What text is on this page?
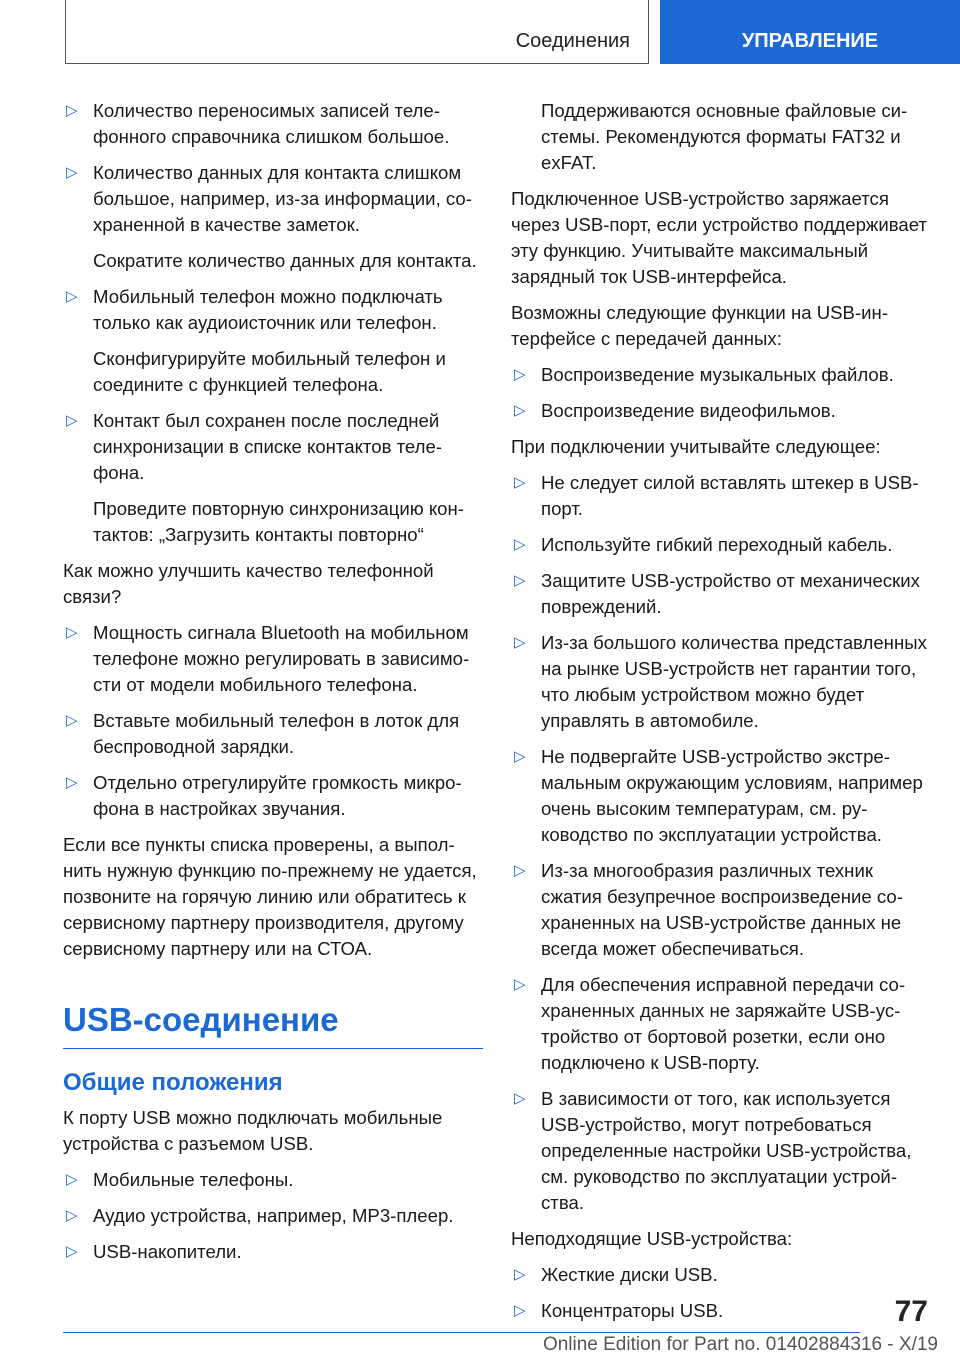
Соединения	УПРАВЛЕНИЕ
▷ Количество переносимых записей телефонного справочника слишком большое.
▷ Количество данных для контакта слишком большое, например, из-за информации, сохраненной в качестве заметок.
Сократите количество данных для контакта.
▷ Мобильный телефон можно подключать только как аудиоисточник или телефон.
Сконфигурируйте мобильный телефон и соедините с функцией телефона.
▷ Контакт был сохранен после последней синхронизации в списке контактов телефона.
Проведите повторную синхронизацию контактов: „Загрузить контакты повторно“
Как можно улучшить качество телефонной связи?
▷ Мощность сигнала Bluetooth на мобильном телефоне можно регулировать в зависимости от модели мобильного телефона.
▷ Вставьте мобильный телефон в лоток для беспроводной зарядки.
▷ Отдельно отрегулируйте громкость микрофона в настройках звучания.
Если все пункты списка проверены, а выполнить нужную функцию по-прежнему не удается, позвоните на горячую линию или обратитесь к сервисному партнеру производителя, другому сервисному партнеру или на СТОА.
USB-соединение
Общие положения
К порту USB можно подключать мобильные устройства с разъемом USB.
▷ Мобильные телефоны.
▷ Аудио устройства, например, MP3-плеер.
▷ USB-накопители.
Поддерживаются основные файловые системы. Рекомендуются форматы FAT32 и exFAT.
Подключенное USB-устройство заряжается через USB-порт, если устройство поддерживает эту функцию. Учитывайте максимальный зарядный ток USB-интерфейса.
Возможны следующие функции на USB-интерфейсе с передачей данных:
▷ Воспроизведение музыкальных файлов.
▷ Воспроизведение видеофильмов.
При подключении учитывайте следующее:
▷ Не следует силой вставлять штекер в USB-порт.
▷ Используйте гибкий переходный кабель.
▷ Защитите USB-устройство от механических повреждений.
▷ Из-за большого количества представленных на рынке USB-устройств нет гарантии того, что любым устройством можно будет управлять в автомобиле.
▷ Не подвергайте USB-устройство экстремальным окружающим условиям, например очень высоким температурам, см. руководство по эксплуатации устройства.
▷ Из-за многообразия различных техник сжатия безупречное воспроизведение сохраненных на USB-устройстве данных не всегда может обеспечиваться.
▷ Для обеспечения исправной передачи сохраненных данных не заряжайте USB-устройство от бортовой розетки, если оно подключено к USB-порту.
▷ В зависимости от того, как используется USB-устройство, могут потребоваться определенные настройки USB-устройства, см. руководство по эксплуатации устройства.
Неподходящие USB-устройства:
▷ Жесткие диски USB.
▷ Концентраторы USB.	77
Online Edition for Part no. 01402884316 - X/19
